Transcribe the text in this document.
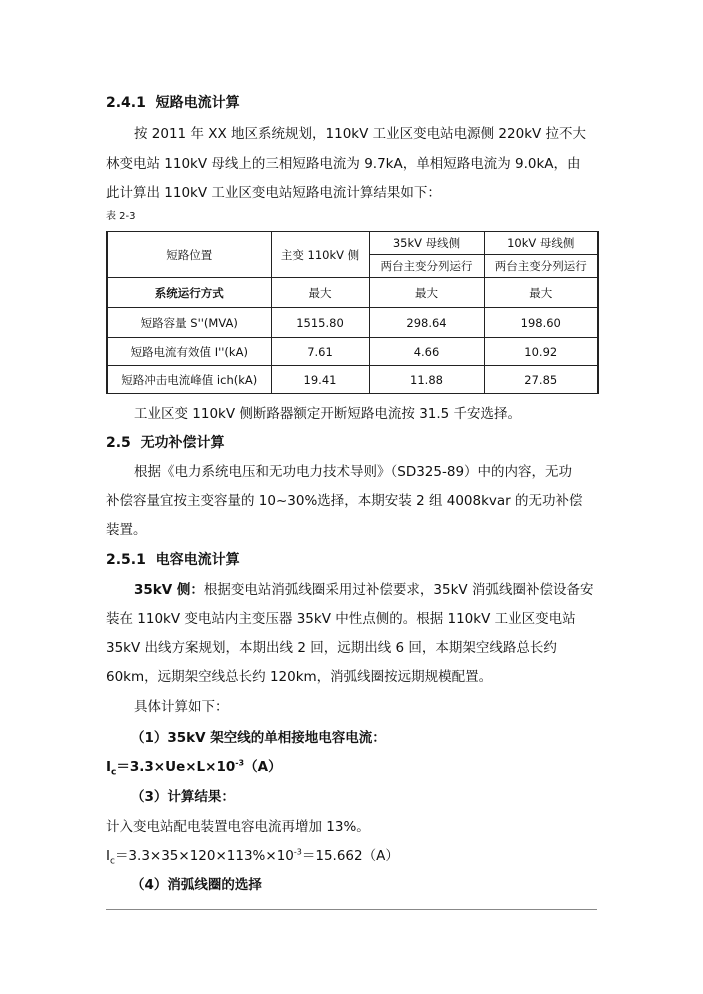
2.4.1 短路电流计算
按 2011 年 XX 地区系统规划，110kV 工业区变电站电源侧 220kV 拉不大
林变电站 110kV 母线上的三相短路电流为 9.7kA，单相短路电流为 9.0kA，由
此计算出 110kV 工业区变电站短路电流计算结果如下：
表 2-3
短路位置	主变 110kV 侧	35kV 母线侧	10kV 母线侧
		两台主变分列运行	两台主变分列运行
系统运行方式	最大	最大	最大
短路容量 S''(MVA)	1515.80	298.64	198.60
短路电流有效值 I''(kA)	7.61	4.66	10.92
短路冲击电流峰值 ich(kA)	19.41	11.88	27.85
工业区变 110kV 侧断路器额定开断短路电流按 31.5 千安选择。
2.5 无功补偿计算
根据《电力系统电压和无功电力技术导则》（SD325-89）中的内容，无功
补偿容量宜按主变容量的 10~30%选择，本期安装 2 组 4008kvar 的无功补偿
装置。
2.5.1 电容电流计算
35kV 侧：根据变电站消弧线圈采用过补偿要求，35kV 消弧线圈补偿设备安
装在 110kV 变电站内主变压器 35kV 中性点侧的。根据 110kV 工业区变电站
35kV 出线方案规划，本期出线 2 回，远期出线 6 回，本期架空线路总长约
60km，远期架空线总长约 120km，消弧线圈按远期规模配置。
具体计算如下：
（1）35kV 架空线的单相接地电容电流：
$I_c=3.3\times Ue\times L\times 10^{-3}(A)$
（3）计算结果：
计入变电站配电装置电容电流再增加 13%。
$I_c=3.3\times 35\times 120\times 113\%\times 10^{-3}=15.662(A)$
（4）消弧线圈的选择
